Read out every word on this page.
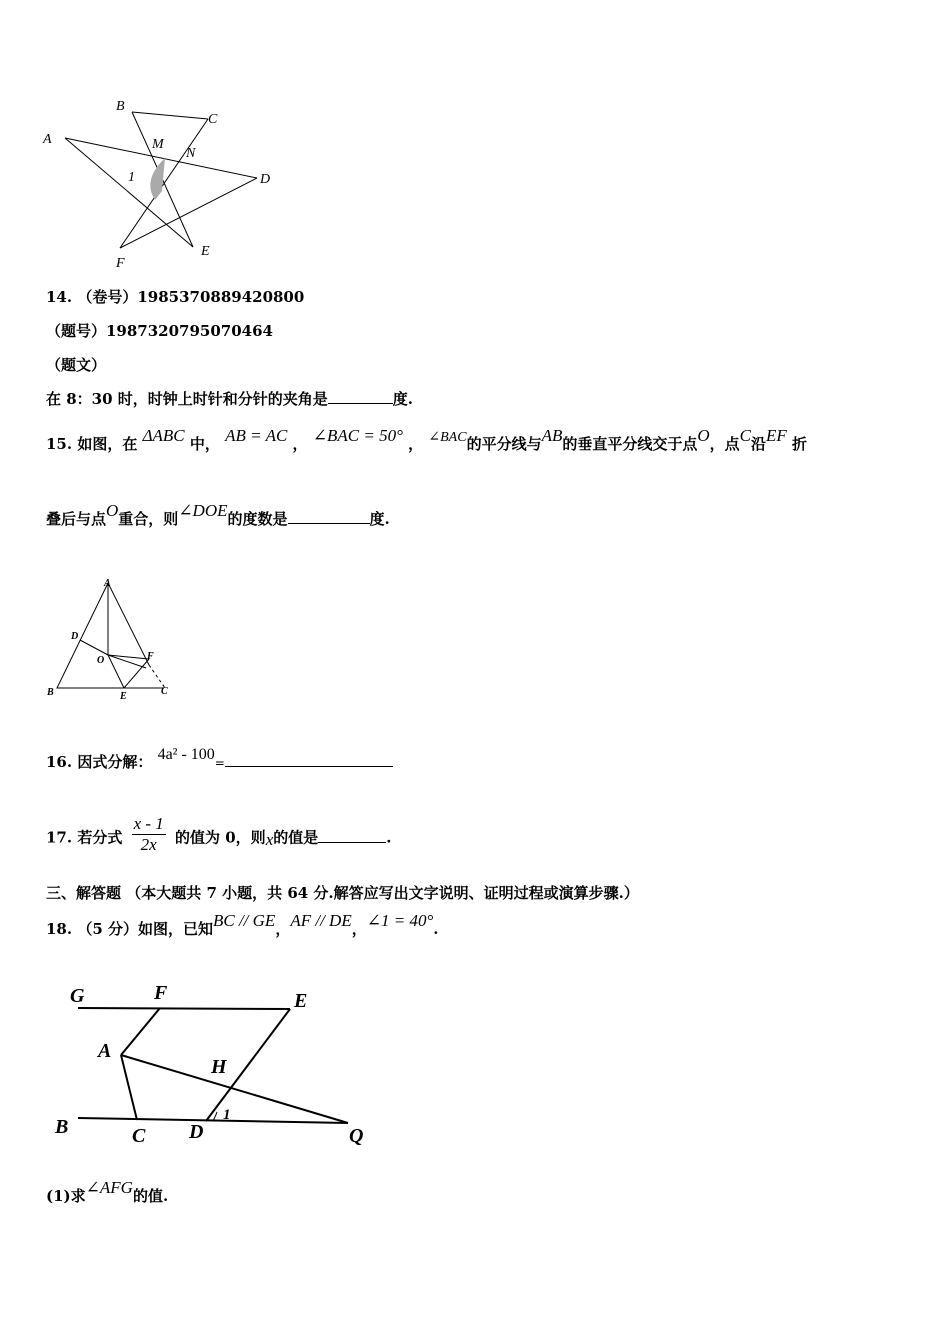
A
B
C
D
E
F
M
N
1
14. （卷号）1985370889420800
（题号）1987320795070464
（题文）
在 8：30 时，时钟上时针和分针的夹角是	度.
15. 如图，在 ΔABC 中， AB = AC ， ∠BAC = 50° ， ∠BAC的平分线与AB的垂直平分线交于点O，点C沿EF 折
叠后与点O重合，则∠DOE的度数是	度.
A
B	C
D
E
F
O
16. 因式分解： 4a² - 100=
17. 若分式 $\frac{x - 1}{2x}$ 的值为 0，则x的值是	.
三、解答题 （本大题共 7 小题，共 64 分.解答应写出文字说明、证明过程或演算步骤.）
18. （5 分）如图，已知BC // GE，AF // DE，∠1 = 40°.
G	F	E
A
H
B	C D	Q
1
(1)求∠AFG的值.
